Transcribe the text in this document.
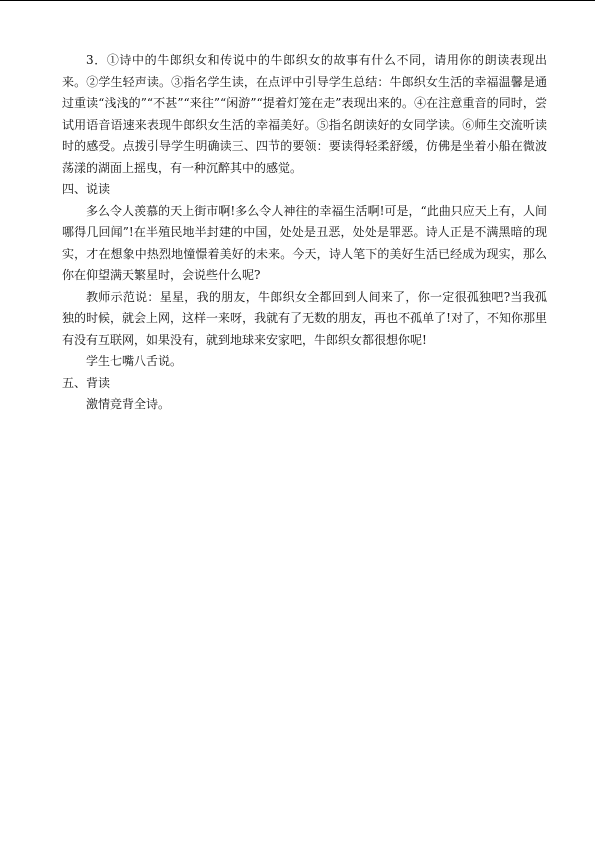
3．①诗中的牛郎织女和传说中的牛郎织女的故事有什么不同，请用你的朗读表现出来。②学生轻声读。③指名学生读，在点评中引导学生总结：牛郎织女生活的幸福温馨是通过重读“浅浅的”“不甚”“来往”“闲游”“提着灯笼在走”表现出来的。④在注意重音的同时，尝试用语音语速来表现牛郎织女生活的幸福美好。⑤指名朗读好的女同学读。⑥师生交流听读时的感受。点拨引导学生明确读三、四节的要领：要读得轻柔舒缓，仿佛是坐着小船在微波荡漾的湖面上摇曳，有一种沉醉其中的感觉。

四、说读

多么令人羡慕的天上街市啊!多么令人神往的幸福生活啊!可是，“此曲只应天上有，人间哪得几回闻”!在半殖民地半封建的中国，处处是丑恶，处处是罪恶。诗人正是不满黑暗的现实，才在想象中热烈地憧憬着美好的未来。今天，诗人笔下的美好生活已经成为现实，那么你在仰望满天繁星时，会说些什么呢?

教师示范说：星星，我的朋友，牛郎织女全都回到人间来了，你一定很孤独吧?当我孤独的时候，就会上网，这样一来呀，我就有了无数的朋友，再也不孤单了!对了，不知你那里有没有互联网，如果没有，就到地球来安家吧，牛郎织女都很想你呢!

学生七嘴八舌说。

五、背读

激情竞背全诗。
